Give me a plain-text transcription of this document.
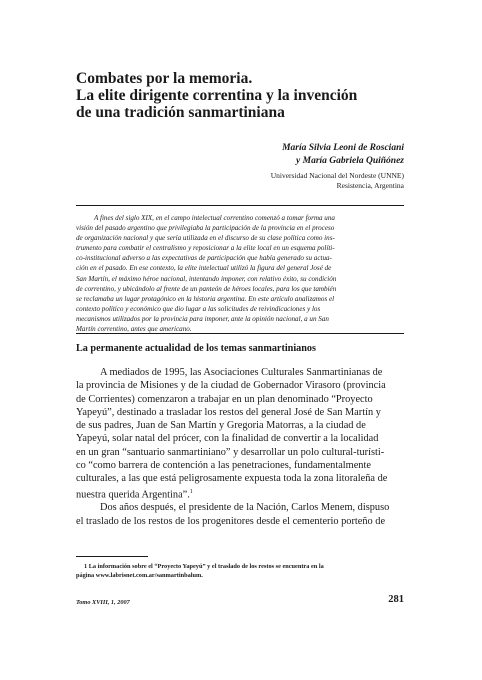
Combates por la memoria.
La elite dirigente correntina y la invención
de una tradición sanmartiniana
María Silvia Leoni de Rosciani
y María Gabriela Quiñónez
Universidad Nacional del Nordeste (UNNE)
Resistencia, Argentina
A fines del siglo XIX, en el campo intelectual correntino comenzó a tomar forma una
visión del pasado argentino que privilegiaba la participación de la provincia en el proceso
de organización nacional y que sería utilizada en el discurso de su clase política como ins-
trumento para combatir el centralismo y reposicionar a la elite local en un esquema políti-
co-institucional adverso a las expectativas de participación que había generado su actua-
ción en el pasado. En ese contexto, la elite intelectual utilizó la figura del general José de
San Martín, el máximo héroe nacional, intentando imponer, con relativo éxito, su condición
de correntino, y ubicándolo al frente de un panteón de héroes locales, para los que también
se reclamaba un lugar protagónico en la historia argentina. En este artículo analizamos el
contexto político y económico que dio lugar a las solicitudes de reivindicaciones y los
mecanismos utilizados por la provincia para imponer, ante la opinión nacional, a un San
Martín correntino, antes que americano.
La permanente actualidad de los temas sanmartinianos
A mediados de 1995, las Asociaciones Culturales Sanmartinianas de
la provincia de Misiones y de la ciudad de Gobernador Virasoro (provincia
de Corrientes) comenzaron a trabajar en un plan denominado “Proyecto
Yapeyú”, destinado a trasladar los restos del general José de San Martín y
de sus padres, Juan de San Martín y Gregoria Matorras, a la ciudad de
Yapeyú, solar natal del prócer, con la finalidad de convertir a la localidad
en un gran “santuario sanmartiniano” y desarrollar un polo cultural-turísti-
co “como barrera de contención a las penetraciones, fundamentalmente
culturales, a las que está peligrosamente expuesta toda la zona litoraleña de
nuestra querida Argentina”.$^1$
Dos años después, el presidente de la Nación, Carlos Menem, dispuso
el traslado de los restos de los progenitores desde el cementerio porteño de
1 La información sobre el “Proyecto Yapeyú” y el traslado de los restos se encuentra en la
página www.labrisnet.com.ar/sanmartinbalum.
Tomo XVIII, 1, 2007	281
